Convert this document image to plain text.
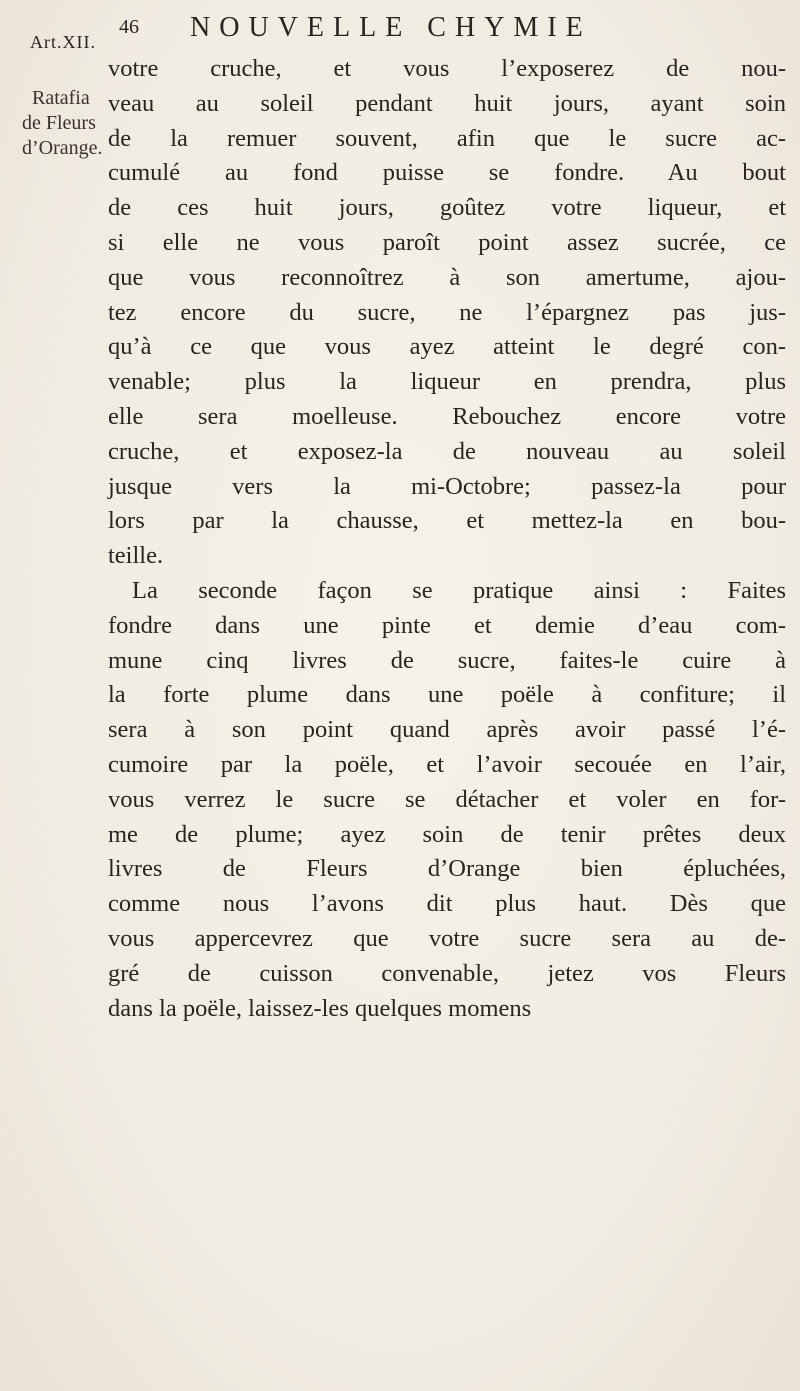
Art.XII.
46 NOUVELLE CHYMIE
Ratafia
de Fleurs
d’Orange.
votre cruche, et vous l’exposerez de nou-
veau au soleil pendant huit jours, ayant soin
de la remuer souvent, afin que le sucre ac-
cumulé au fond puisse se fondre. Au bout
de ces huit jours, goûtez votre liqueur, et
si elle ne vous paroît point assez sucrée, ce
que vous reconnoîtrez à son amertume, ajou-
tez encore du sucre, ne l’épargnez pas jus-
qu’à ce que vous ayez atteint le degré con-
venable; plus la liqueur en prendra, plus
elle sera moelleuse. Rebouchez encore votre
cruche, et exposez-la de nouveau au soleil
jusque vers la mi-Octobre; passez-la pour
lors par la chausse, et mettez-la en bou-
teille.
La seconde façon se pratique ainsi : Faites
fondre dans une pinte et demie d’eau com-
mune cinq livres de sucre, faites-le cuire à
la forte plume dans une poële à confiture; il
sera à son point quand après avoir passé l’é-
cumoire par la poële, et l’avoir secouée en l’air,
vous verrez le sucre se détacher et voler en for-
me de plume; ayez soin de tenir prêtes deux
livres de Fleurs d’Orange bien épluchées,
comme nous l’avons dit plus haut. Dès que
vous appercevrez que votre sucre sera au de-
gré de cuisson convenable, jetez vos Fleurs
dans la poële, laissez-les quelques momens
